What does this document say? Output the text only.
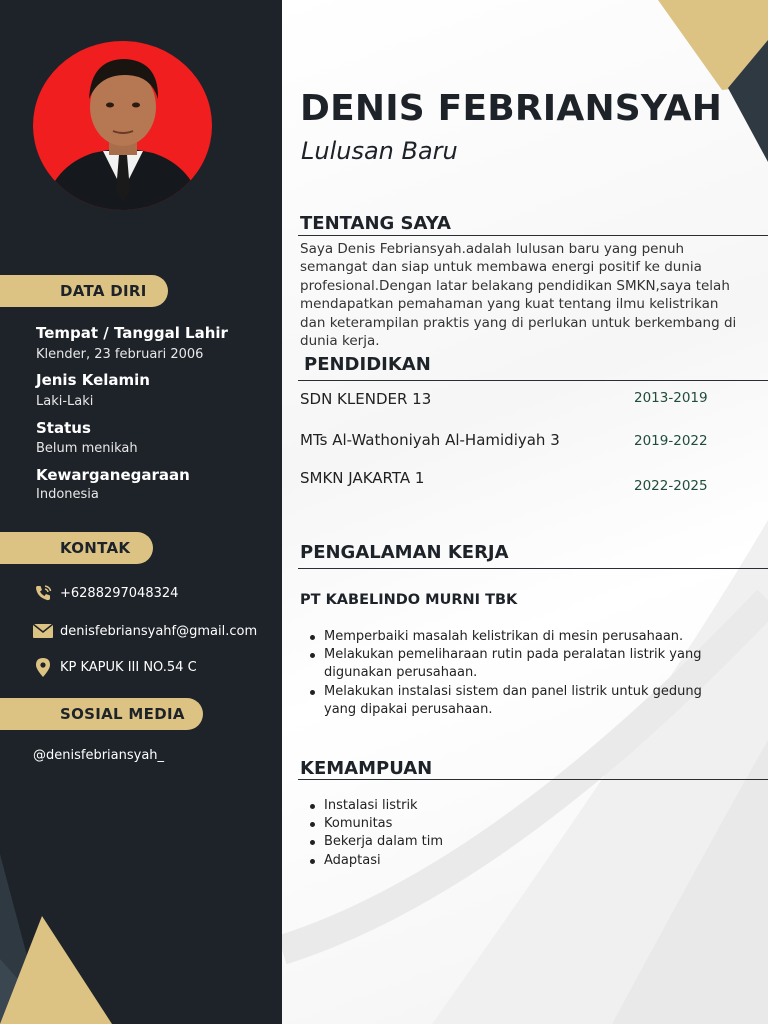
DATA DIRI
Tempat / Tanggal Lahir
Klender, 23 februari 2006
Jenis Kelamin
Laki-Laki
Status
Belum menikah
Kewarganegaraan
Indonesia
KONTAK
+6288297048324
denisfebriansyahf@gmail.com
KP KAPUK III NO.54 C
SOSIAL MEDIA
@denisfebriansyah_
DENIS FEBRIANSYAH
Lulusan Baru
TENTANG SAYA
Saya Denis Febriansyah.adalah lulusan baru yang penuh semangat dan siap untuk membawa energi positif ke dunia profesional.Dengan latar belakang pendidikan SMKN,saya telah mendapatkan pemahaman yang kuat tentang ilmu kelistrikan dan keterampilan praktis yang di perlukan untuk berkembang di dunia kerja.
PENDIDIKAN
SDN KLENDER 13	2013-2019
MTs Al-Wathoniyah Al-Hamidiyah 3	2019-2022
SMKN JAKARTA 1	2022-2025
PENGALAMAN KERJA
PT KABELINDO MURNI TBK
Memperbaiki masalah kelistrikan di mesin perusahaan.
Melakukan pemeliharaan rutin pada peralatan listrik yang digunakan perusahaan.
Melakukan instalasi sistem dan panel listrik untuk gedung yang dipakai perusahaan.
KEMAMPUAN
Instalasi listrik
Komunitas
Bekerja dalam tim
Adaptasi
